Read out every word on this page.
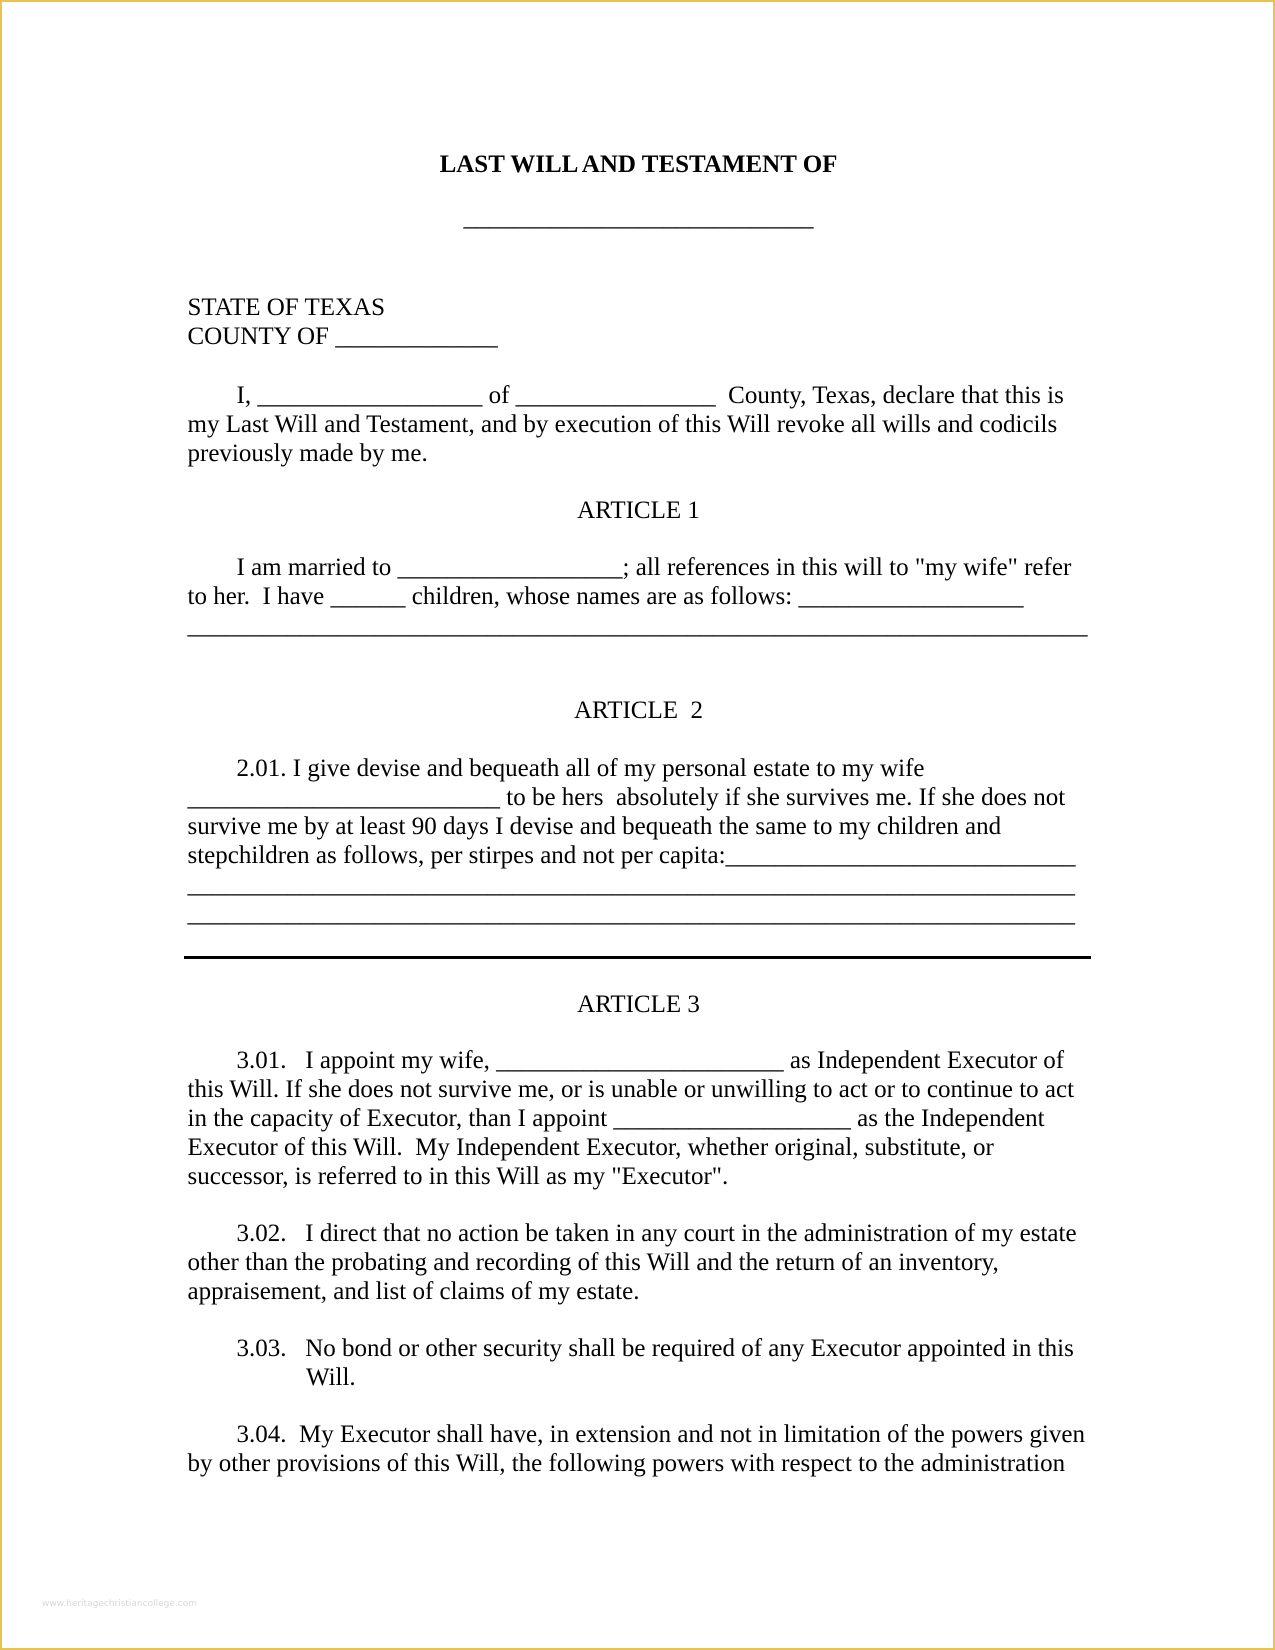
LAST WILL AND TESTAMENT OF
____________________________
STATE OF TEXAS
COUNTY OF _____________
I, __________________ of ________________  County, Texas, declare that this is
my Last Will and Testament, and by execution of this Will revoke all wills and codicils
previously made by me.
ARTICLE 1
I am married to __________________; all references in this will to "my wife" refer
to her.  I have ______ children, whose names are as follows: __________________
________________________________________________________________________
ARTICLE  2
2.01. I give devise and bequeath all of my personal estate to my wife
_________________________ to be hers  absolutely if she survives me. If she does not
survive me by at least 90 days I devise and bequeath the same to my children and
stepchildren as follows, per stirpes and not per capita:____________________________
_______________________________________________________________________
_______________________________________________________________________
ARTICLE 3
3.01.   I appoint my wife, _______________________ as Independent Executor of
this Will. If she does not survive me, or is unable or unwilling to act or to continue to act
in the capacity of Executor, than I appoint ___________________ as the Independent
Executor of this Will.  My Independent Executor, whether original, substitute, or
successor, is referred to in this Will as my "Executor".
3.02.   I direct that no action be taken in any court in the administration of my estate
other than the probating and recording of this Will and the return of an inventory,
appraisement, and list of claims of my estate.
3.03.   No bond or other security shall be required of any Executor appointed in this
Will.
3.04.  My Executor shall have, in extension and not in limitation of the powers given
by other provisions of this Will, the following powers with respect to the administration
www.heritagechristiancollege.com
